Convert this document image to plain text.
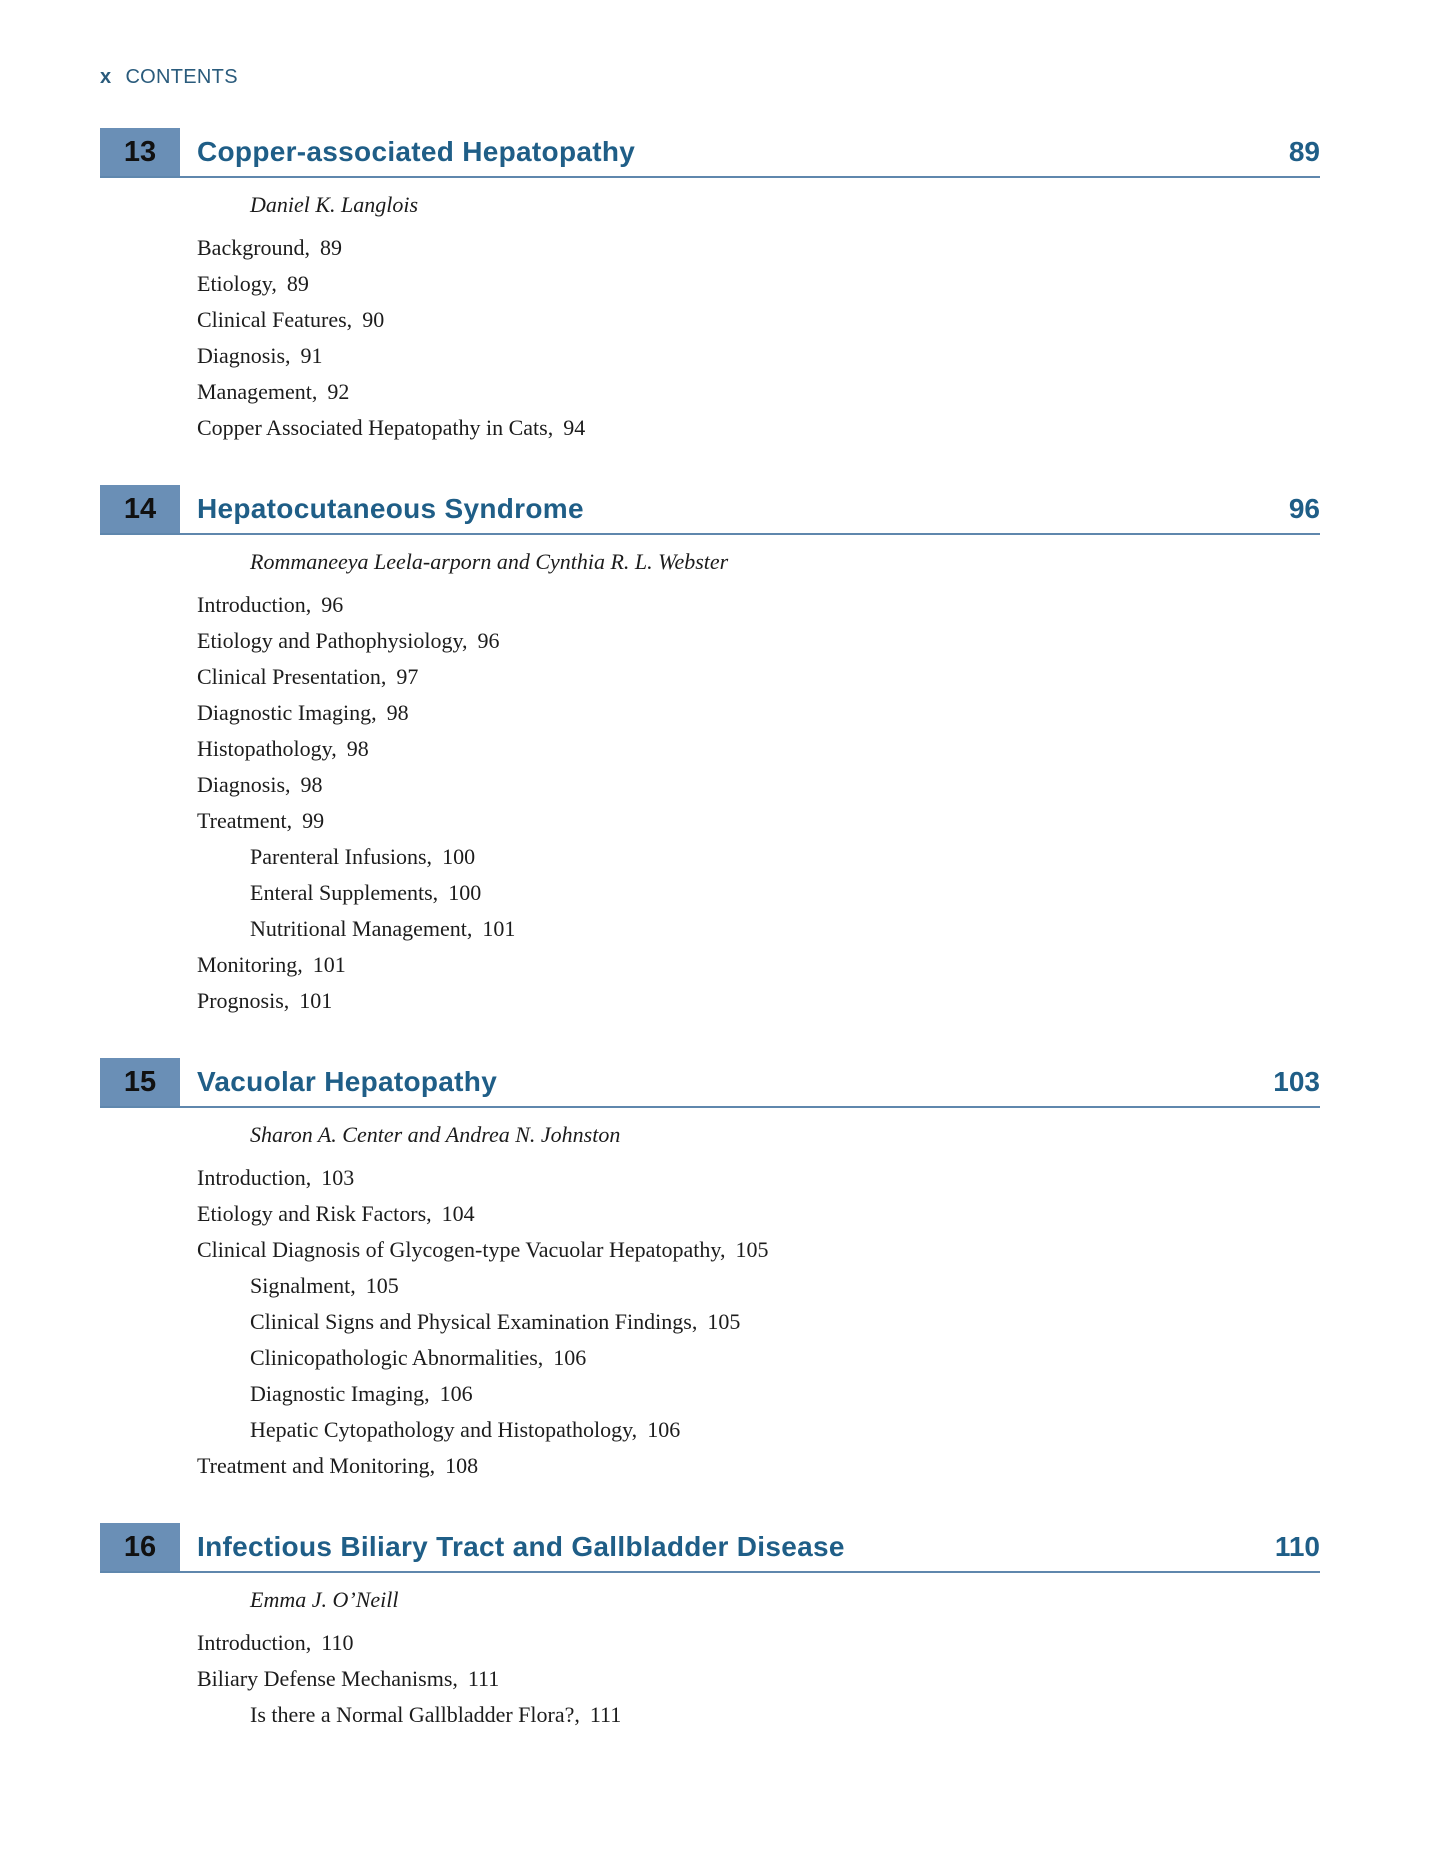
x CONTENTS
13	Copper-associated Hepatopathy	89
Daniel K. Langlois
Background, 89
Etiology, 89
Clinical Features, 90
Diagnosis, 91
Management, 92
Copper Associated Hepatopathy in Cats, 94
14	Hepatocutaneous Syndrome	96
Rommaneeya Leela-arporn and Cynthia R. L. Webster
Introduction, 96
Etiology and Pathophysiology, 96
Clinical Presentation, 97
Diagnostic Imaging, 98
Histopathology, 98
Diagnosis, 98
Treatment, 99
Parenteral Infusions, 100
Enteral Supplements, 100
Nutritional Management, 101
Monitoring, 101
Prognosis, 101
15	Vacuolar Hepatopathy	103
Sharon A. Center and Andrea N. Johnston
Introduction, 103
Etiology and Risk Factors, 104
Clinical Diagnosis of Glycogen-type Vacuolar Hepatopathy, 105
Signalment, 105
Clinical Signs and Physical Examination Findings, 105
Clinicopathologic Abnormalities, 106
Diagnostic Imaging, 106
Hepatic Cytopathology and Histopathology, 106
Treatment and Monitoring, 108
16	Infectious Biliary Tract and Gallbladder Disease	110
Emma J. O’Neill
Introduction, 110
Biliary Defense Mechanisms, 111
Is there a Normal Gallbladder Flora?, 111
